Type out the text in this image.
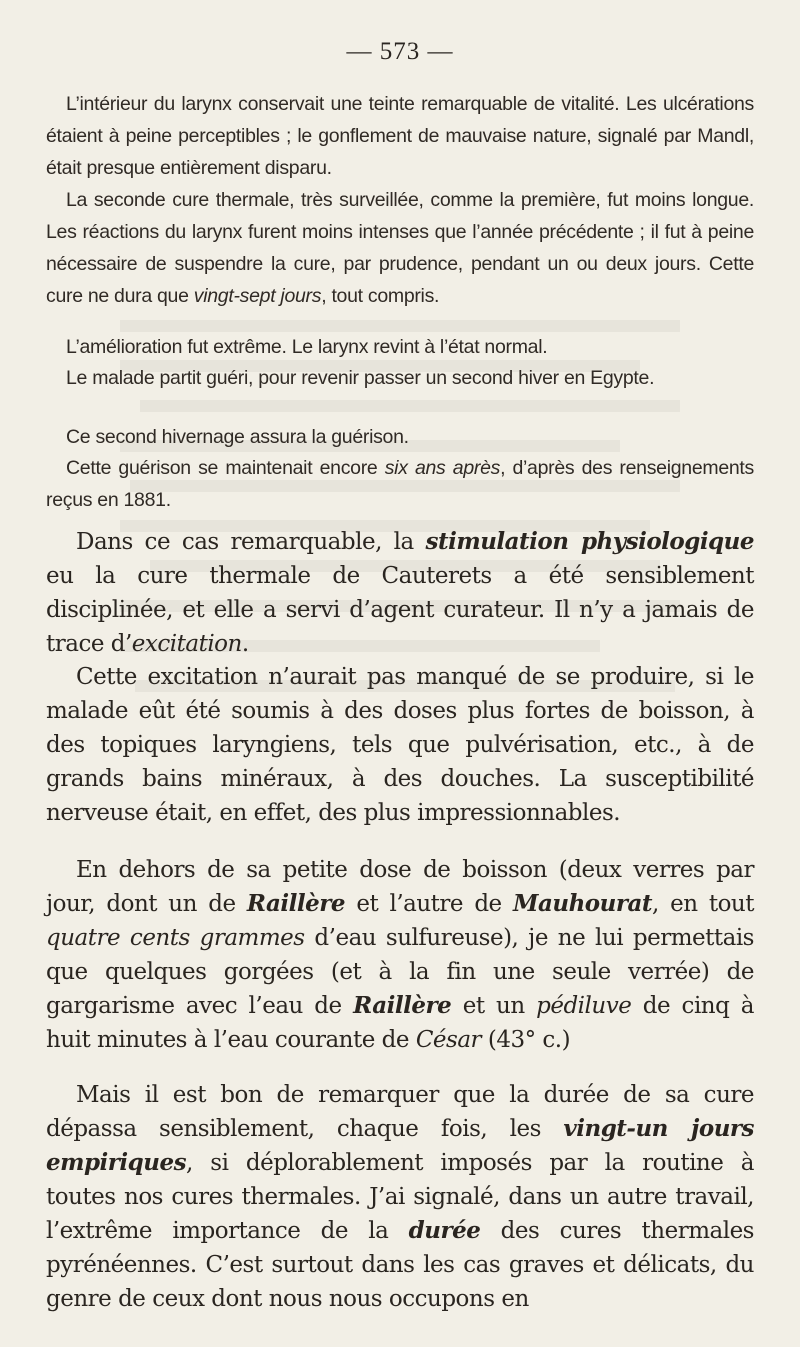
— 573 —

L’intérieur du larynx conservait une teinte remarquable de vitalité. Les ulcérations étaient à peine perceptibles ; le gonflement de mauvaise nature, signalé par Mandl, était presque entièrement disparu.

La seconde cure thermale, très surveillée, comme la première, fut moins longue. Les réactions du larynx furent moins intenses que l’année précédente ; il fut à peine nécessaire de suspendre la cure, par prudence, pendant un ou deux jours. Cette cure ne dura que vingt-sept jours, tout compris.

L’amélioration fut extrême. Le larynx revint à l’état normal.

Le malade partit guéri, pour revenir passer un second hiver en Egypte.

Ce second hivernage assura la guérison.

Cette guérison se maintenait encore six ans après, d’après des renseignements reçus en 1881.

Dans ce cas remarquable, la stimulation physiologique eu la cure thermale de Cauterets a été sensiblement disciplinée, et elle a servi d’agent curateur. Il n’y a jamais de trace d’excitation.

Cette excitation n’aurait pas manqué de se produire, si le malade eût été soumis à des doses plus fortes de boisson, à des topiques laryngiens, tels que pulvérisation, etc., à de grands bains minéraux, à des douches. La susceptibilité nerveuse était, en effet, des plus impressionnables.

En dehors de sa petite dose de boisson (deux verres par jour, dont un de Raillère et l’autre de Mauhourat, en tout quatre cents grammes d’eau sulfureuse), je ne lui permettais que quelques gorgées (et à la fin une seule verrée) de gargarisme avec l’eau de Raillère et un pédiluve de cinq à huit minutes à l’eau courante de César (43° c.)

Mais il est bon de remarquer que la durée de sa cure dépassa sensiblement, chaque fois, les vingt-un jours empiriques, si déplorablement imposés par la routine à toutes nos cures thermales. J’ai signalé, dans un autre travail, l’extrême importance de la durée des cures thermales pyrénéennes. C’est surtout dans les cas graves et délicats, du genre de ceux dont nous nous occupons en
